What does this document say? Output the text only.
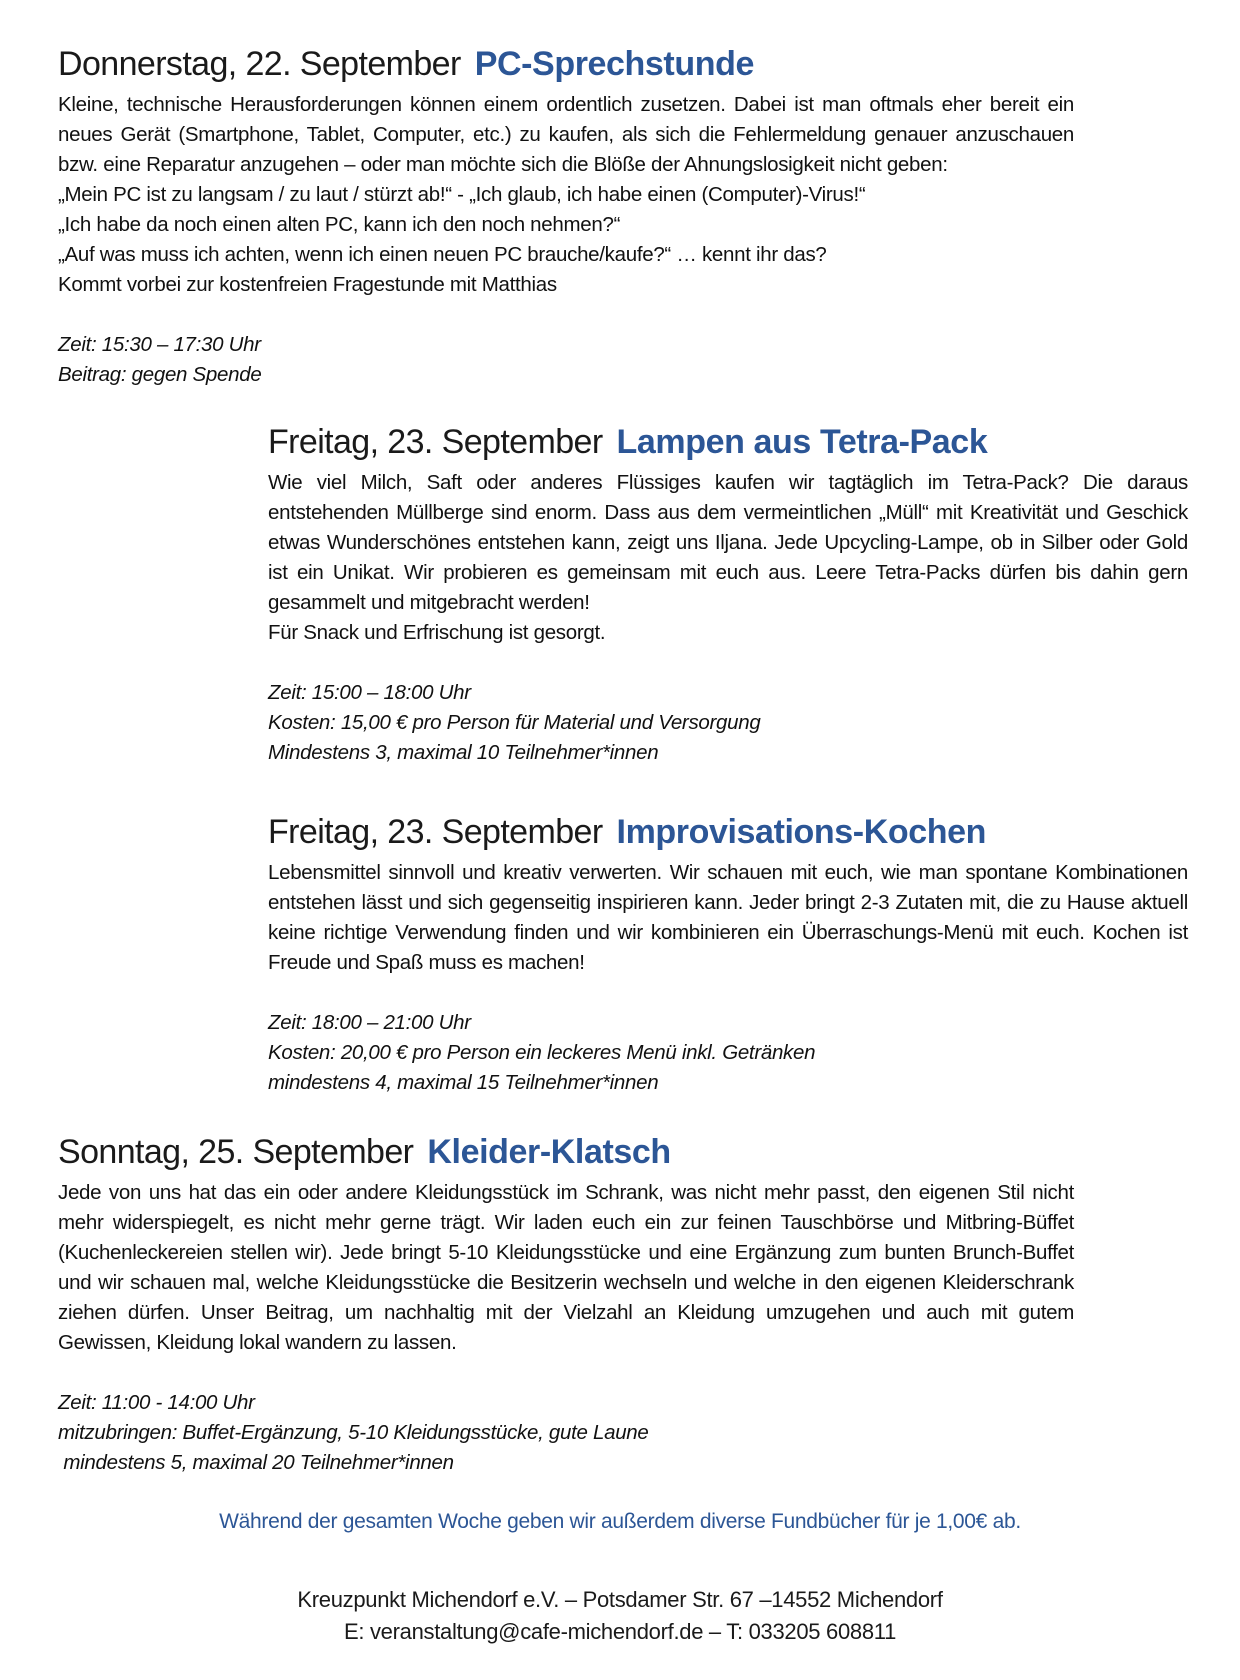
Donnerstag, 22. September PC-Sprechstunde

Kleine, technische Herausforderungen können einem ordentlich zusetzen. Dabei ist man oftmals eher bereit ein neues Gerät (Smartphone, Tablet, Computer, etc.) zu kaufen, als sich die Fehlermeldung genauer anzuschauen bzw. eine Reparatur anzugehen – oder man möchte sich die Blöße der Ahnungslosigkeit nicht geben:

„Mein PC ist zu langsam / zu laut / stürzt ab!“ - „Ich glaub, ich habe einen (Computer)-Virus!“

„Ich habe da noch einen alten PC, kann ich den noch nehmen?“

„Auf was muss ich achten, wenn ich einen neuen PC brauche/kaufe?“ … kennt ihr das?

Kommt vorbei zur kostenfreien Fragestunde mit Matthias

Zeit: 15:30 – 17:30 Uhr

Beitrag: gegen Spende

Freitag, 23. September Lampen aus Tetra-Pack

Wie viel Milch, Saft oder anderes Flüssiges kaufen wir tagtäglich im Tetra-Pack? Die daraus entstehenden Müllberge sind enorm. Dass aus dem vermeintlichen „Müll“ mit Kreativität und Geschick etwas Wunderschönes entstehen kann, zeigt uns Iljana. Jede Upcycling-Lampe, ob in Silber oder Gold ist ein Unikat. Wir probieren es gemeinsam mit euch aus. Leere Tetra-Packs dürfen bis dahin gern gesammelt und mitgebracht werden!

Für Snack und Erfrischung ist gesorgt.

Zeit: 15:00 – 18:00 Uhr

Kosten: 15,00 € pro Person für Material und Versorgung

Mindestens 3, maximal 10 Teilnehmer*innen

Freitag, 23. September Improvisations-Kochen

Lebensmittel sinnvoll und kreativ verwerten. Wir schauen mit euch, wie man spontane Kombinationen entstehen lässt und sich gegenseitig inspirieren kann. Jeder bringt 2-3 Zutaten mit, die zu Hause aktuell keine richtige Verwendung finden und wir kombinieren ein Überraschungs-Menü mit euch. Kochen ist Freude und Spaß muss es machen!

Zeit: 18:00 – 21:00 Uhr

Kosten: 20,00 € pro Person ein leckeres Menü inkl. Getränken

mindestens 4, maximal 15 Teilnehmer*innen

Sonntag, 25. September Kleider-Klatsch

Jede von uns hat das ein oder andere Kleidungsstück im Schrank, was nicht mehr passt, den eigenen Stil nicht mehr widerspiegelt, es nicht mehr gerne trägt. Wir laden euch ein zur feinen Tauschbörse und Mitbring-Büffet (Kuchenleckereien stellen wir). Jede bringt 5-10 Kleidungsstücke und eine Ergänzung zum bunten Brunch-Buffet und wir schauen mal, welche Kleidungsstücke die Besitzerin wechseln und welche in den eigenen Kleiderschrank ziehen dürfen. Unser Beitrag, um nachhaltig mit der Vielzahl an Kleidung umzugehen und auch mit gutem Gewissen, Kleidung lokal wandern zu lassen.

Zeit: 11:00 - 14:00 Uhr

mitzubringen: Buffet-Ergänzung, 5-10 Kleidungsstücke, gute Laune

mindestens 5, maximal 20 Teilnehmer*innen

Während der gesamten Woche geben wir außerdem diverse Fundbücher für je 1,00€ ab.

Kreuzpunkt Michendorf e.V. – Potsdamer Str. 67 –14552 Michendorf

E: veranstaltung@cafe-michendorf.de – T: 033205 608811
